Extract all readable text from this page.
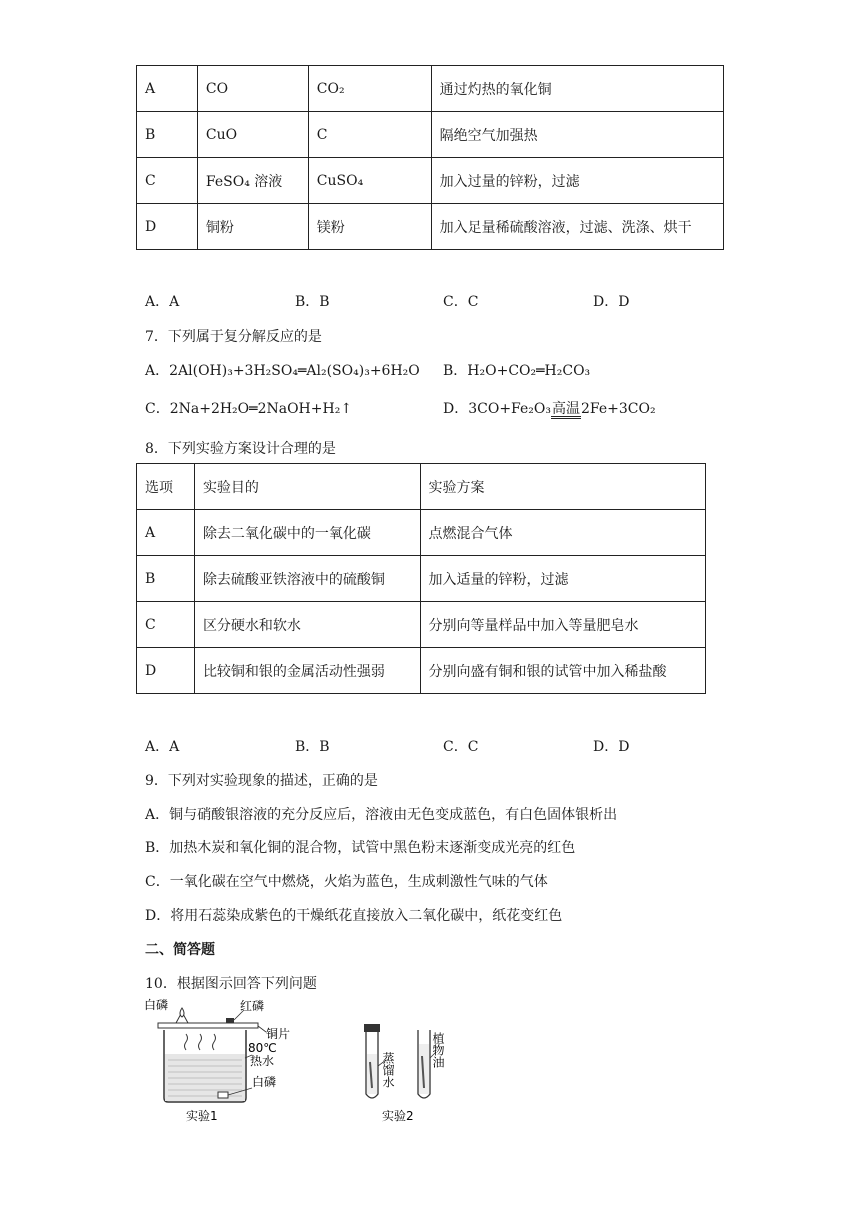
A	CO	CO₂	通过灼热的氧化铜
B	CuO	C	隔绝空气加强热
C	FeSO₄ 溶液	CuSO₄	加入过量的锌粉，过滤
D	铜粉	镁粉	加入足量稀硫酸溶液，过滤、洗涤、烘干
A．A	B．B	C．C	D．D
7．下列属于复分解反应的是
A．2Al(OH)₃+3H₂SO₄═Al₂(SO₄)₃+6H₂O B．H₂O+CO₂═H₂CO₃
C．2Na+2H₂O═2NaOH+H₂↑	D．3CO+Fe₂O₃高温2Fe+3CO₂
8．下列实验方案设计合理的是
选项	实验目的	实验方案
A	除去二氧化碳中的一氧化碳	点燃混合气体
B	除去硫酸亚铁溶液中的硫酸铜	加入适量的锌粉，过滤
C	区分硬水和软水	分别向等量样品中加入等量肥皂水
D	比较铜和银的金属活动性强弱	分别向盛有铜和银的试管中加入稀盐酸
A．A	B．B	C．C	D．D
9．下列对实验现象的描述，正确的是
A．铜与硝酸银溶液的充分反应后，溶液由无色变成蓝色，有白色固体银析出
B．加热木炭和氧化铜的混合物，试管中黑色粉末逐渐变成光亮的红色
C．一氧化碳在空气中燃烧，火焰为蓝色，生成刺激性气味的气体
D．将用石蕊染成紫色的干燥纸花直接放入二氧化碳中，纸花变红色
二、简答题
10．根据图示回答下列问题
白磷	红磷
铜片
80℃
热水
白磷
实验1
蒸馏水
植物油
实验2
